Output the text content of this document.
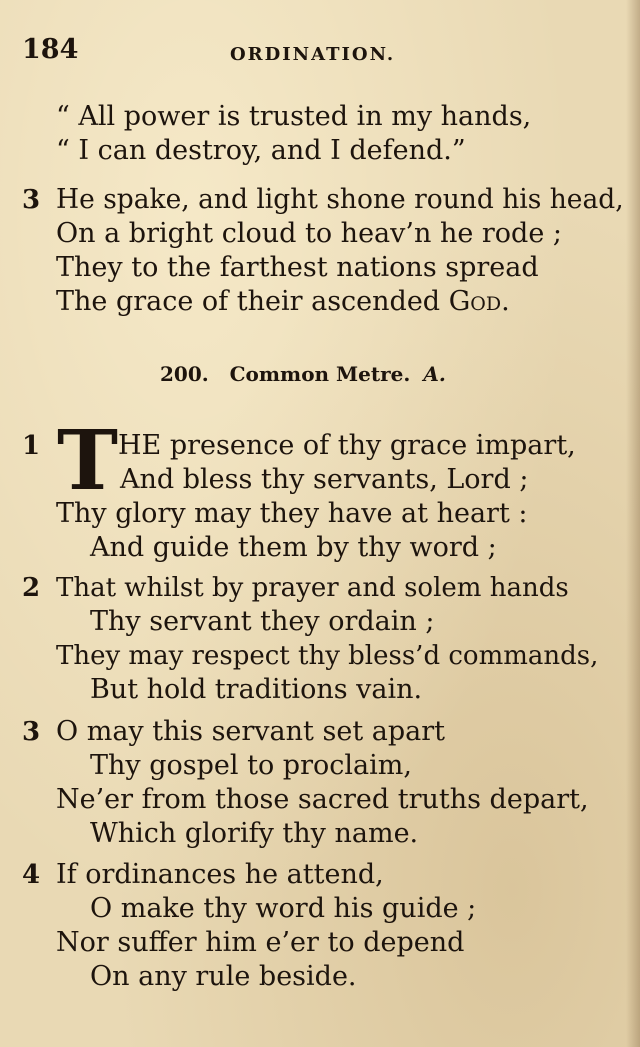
184	ORDINATION.
“ All power is trusted in my hands,
“ I can destroy, and I defend.”
3 He spake, and light shone round his head,
On a bright cloud to heav’n he rode ;
They to the farthest nations spread
The grace of their ascended God.
200. Common Metre. A.
1 T HE presence of thy grace impart,
And bless thy servants, Lord ;
Thy glory may they have at heart :
And guide them by thy word ;
2 That whilst by prayer and solem hands
Thy servant they ordain ;
They may respect thy bless’d commands,
But hold traditions vain.
3 O may this servant set apart
Thy gospel to proclaim,
Ne’er from those sacred truths depart,
Which glorify thy name.
4 If ordinances he attend,
O make thy word his guide ;
Nor suffer him e’er to depend
On any rule beside.
